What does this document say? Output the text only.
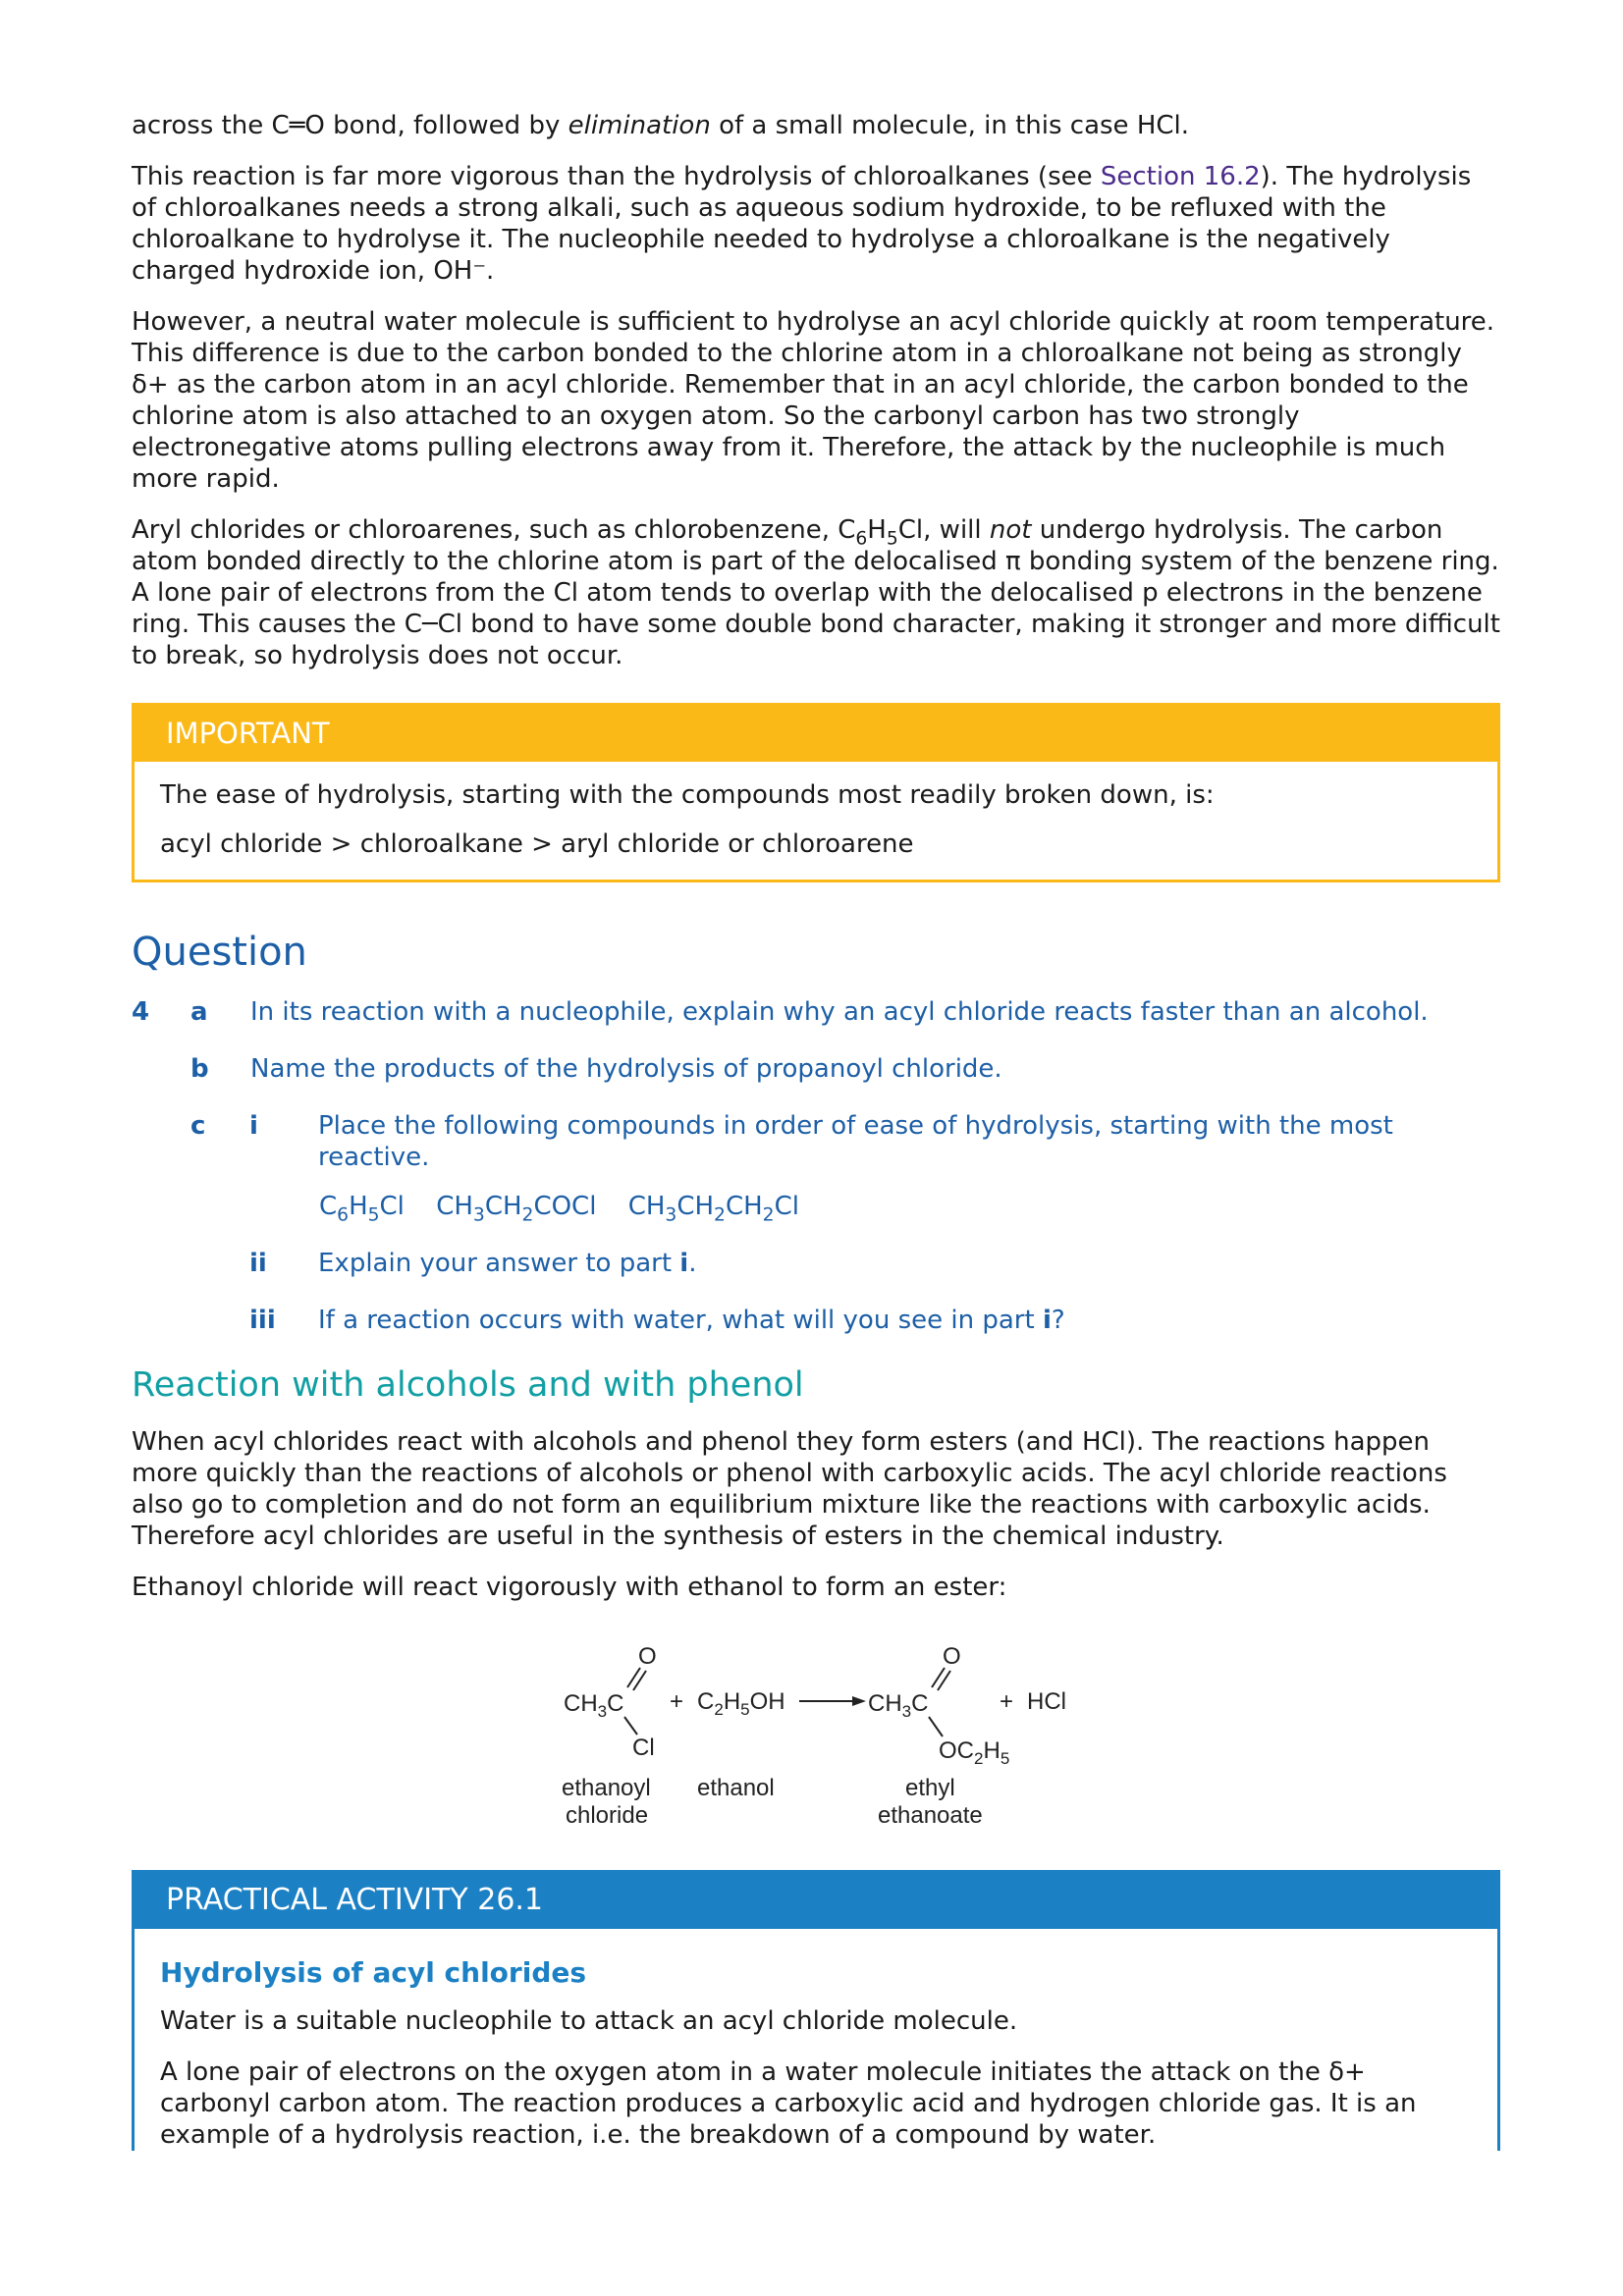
across the C═O bond, followed by elimination of a small molecule, in this case HCl.

This reaction is far more vigorous than the hydrolysis of chloroalkanes (see Section 16.2). The hydrolysis of chloroalkanes needs a strong alkali, such as aqueous sodium hydroxide, to be refluxed with the chloroalkane to hydrolyse it. The nucleophile needed to hydrolyse a chloroalkane is the negatively charged hydroxide ion, OH⁻.

However, a neutral water molecule is sufficient to hydrolyse an acyl chloride quickly at room temperature. This difference is due to the carbon bonded to the chlorine atom in a chloroalkane not being as strongly δ+ as the carbon atom in an acyl chloride. Remember that in an acyl chloride, the carbon bonded to the chlorine atom is also attached to an oxygen atom. So the carbonyl carbon has two strongly electronegative atoms pulling electrons away from it. Therefore, the attack by the nucleophile is much more rapid.

Aryl chlorides or chloroarenes, such as chlorobenzene, $C_6H_5Cl$, will not undergo hydrolysis. The carbon atom bonded directly to the chlorine atom is part of the delocalised π bonding system of the benzene ring. A lone pair of electrons from the Cl atom tends to overlap with the delocalised p electrons in the benzene ring. This causes the C─Cl bond to have some double bond character, making it stronger and more difficult to break, so hydrolysis does not occur.

IMPORTANT

The ease of hydrolysis, starting with the compounds most readily broken down, is:

acyl chloride > chloroalkane > aryl chloride or chloroarene

Question
4	a	In its reaction with a nucleophile, explain why an acyl chloride reacts faster than an alcohol.
b	Name the products of the hydrolysis of propanoyl chloride.
c	i	Place the following compounds in order of ease of hydrolysis, starting with the most reactive.
$C_6H_5Cl$ $CH_3CH_2COCl$ $CH_3CH_2CH_2Cl$
ii	Explain your answer to part i.
iii	If a reaction occurs with water, what will you see in part i?
Reaction with alcohols and with phenol

When acyl chlorides react with alcohols and phenol they form esters (and HCl). The reactions happen more quickly than the reactions of alcohols or phenol with carboxylic acids. The acyl chloride reactions also go to completion and do not form an equilibrium mixture like the reactions with carboxylic acids. Therefore acyl chlorides are useful in the synthesis of esters in the chemical industry.

Ethanoyl chloride will react vigorously with ethanol to form an ester:

O
$CH_3C$
Cl
+ $C_2H_5OH$
O
$CH_3C$
$OC_2H_5$
+ HCl
ethanoyl
chloride
ethanol	ethyl
ethanoate
PRACTICAL ACTIVITY 26.1
Hydrolysis of acyl chlorides

Water is a suitable nucleophile to attack an acyl chloride molecule.

A lone pair of electrons on the oxygen atom in a water molecule initiates the attack on the δ+ carbonyl carbon atom. The reaction produces a carboxylic acid and hydrogen chloride gas. It is an example of a hydrolysis reaction, i.e. the breakdown of a compound by water.
